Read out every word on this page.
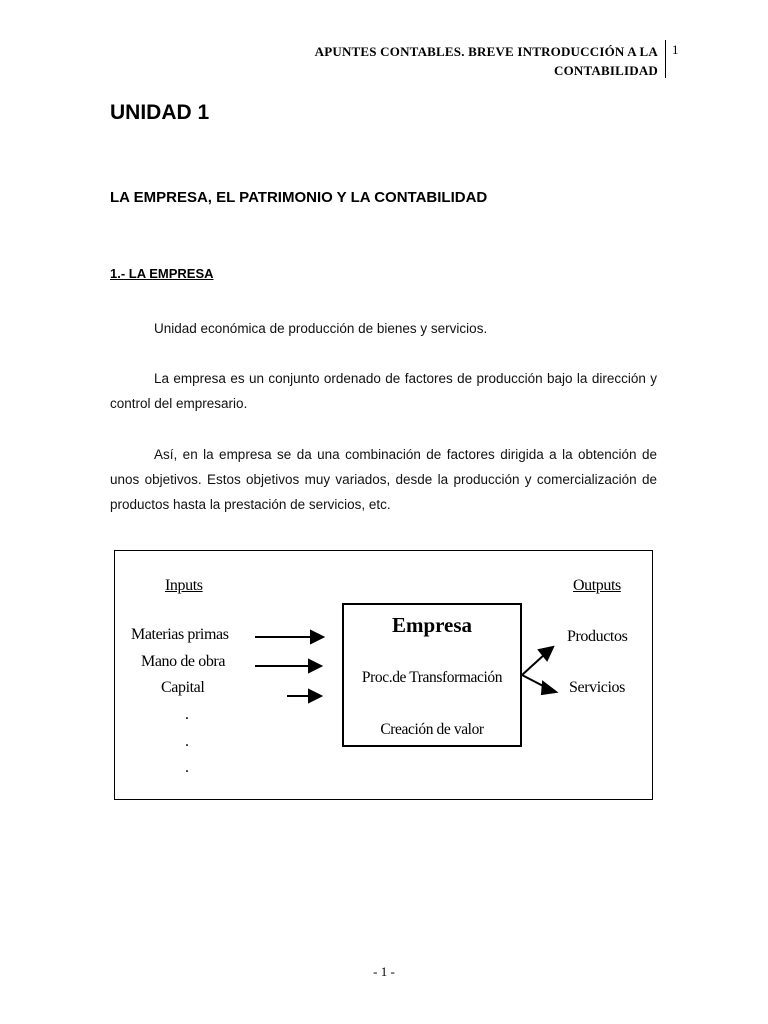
APUNTES CONTABLES. BREVE INTRODUCCIÓN A LA
CONTABILIDAD
1
UNIDAD 1
LA EMPRESA, EL PATRIMONIO Y LA CONTABILIDAD
1.- LA EMPRESA
Unidad económica de producción de bienes y servicios.
La empresa es un conjunto ordenado de factores de producción bajo la dirección y control del empresario.
Así, en la empresa se da una combinación de factores dirigida a la obtención de unos objetivos. Estos objetivos muy variados, desde la producción y comercialización de productos hasta la prestación de servicios, etc.
Inputs	Outputs
Materias primas
Mano de obra
Capital
.
.
.
Empresa
Proc.de Transformación
Creación de valor
Productos
Servicios
- 1 -
